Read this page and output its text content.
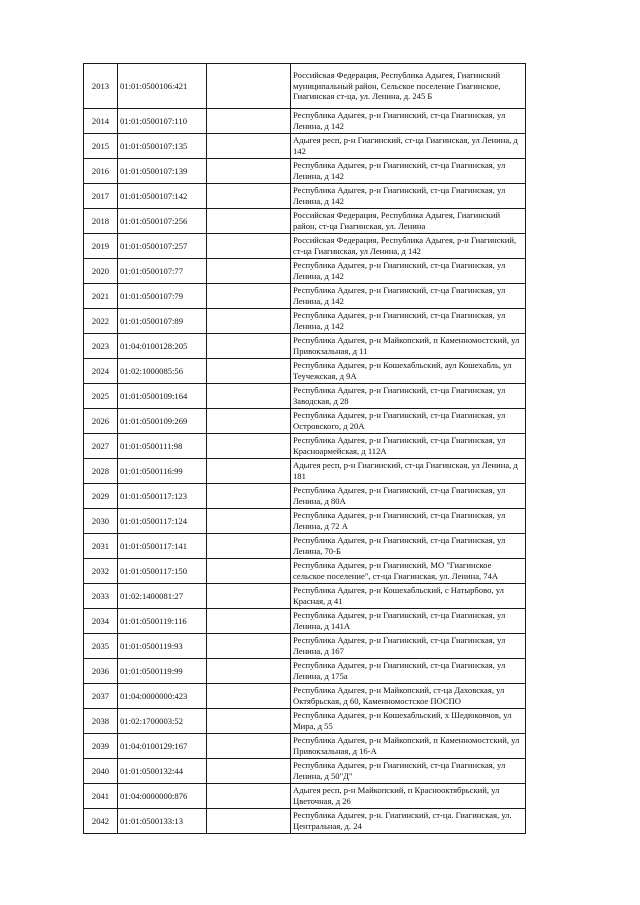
2013	01:01:0500106:421		Российская Федерация, Республика Адыгея, Гиагинский муниципальный район, Сельское поселение Гиагинское, Гиагинская ст-ца, ул. Ленина, д. 245 Б
2014	01:01:0500107:110		Республика Адыгея, р-н Гиагинский, ст-ца Гиагинская, ул Ленина, д 142
2015	01:01:0500107:135		Адыгея респ, р-н Гиагинский, ст-ца Гиагинская, ул Ленина, д 142
2016	01:01:0500107:139		Республика Адыгея, р-н Гиагинский, ст-ца Гиагинская, ул Ленина, д 142
2017	01:01:0500107:142		Республика Адыгея, р-н Гиагинский, ст-ца Гиагинская, ул Ленина, д 142
2018	01:01:0500107:256		Российская Федерация, Республика Адыгея, Гиагинский район, ст-ца Гиагинская, ул. Ленина
2019	01:01:0500107:257		Российская Федерация, Республика Адыгея, р-н Гиагинский, ст-ца Гиагинская, ул Ленина, д 142
2020	01:01:0500107:77		Республика Адыгея, р-н Гиагинский, ст-ца Гиагинская, ул Ленина, д 142
2021	01:01:0500107:79		Республика Адыгея, р-н Гиагинский, ст-ца Гиагинская, ул Ленина, д 142
2022	01:01:0500107:89		Республика Адыгея, р-н Гиагинский, ст-ца Гиагинская, ул Ленина, д 142
2023	01:04:0100128:205		Республика Адыгея, р-н Майкопский, п Каменномостский, ул Привокзальная, д 11
2024	01:02:1000085:56		Республика Адыгея, р-н Кошехабльский, аул Кошехабль, ул Теучежская, д 9А
2025	01:01:0500109:164		Республика Адыгея, р-н Гиагинский, ст-ца Гиагинская, ул Заводская, д 28
2026	01:01:0500109:269		Республика Адыгея, р-н Гиагинский, ст-ца Гиагинская, ул Островского, д 20А
2027	01:01:0500111:98		Республика Адыгея, р-н Гиагинский, ст-ца Гиагинская, ул Красноармейская, д 112А
2028	01:01:0500116:99		Адыгея респ, р-н Гиагинский, ст-ца Гиагинская, ул Ленина, д 181
2029	01:01:0500117:123		Республика Адыгея, р-н Гиагинский, ст-ца Гиагинская, ул Ленина, д 80А
2030	01:01:0500117:124		Республика Адыгея, р-н Гиагинский, ст-ца Гиагинская, ул Ленина, д 72 А
2031	01:01:0500117:141		Республика Адыгея, р-н Гиагинский, ст-ца Гиагинская, ул Ленина, 70-Б
2032	01:01:0500117:150		Республика Адыгея, р-н Гиагинский, МО "Гиагинское сельское поселение", ст-ца Гиагинская, ул. Ленина, 74А
2033	01:02:1400081:27		Республика Адыгея, р-н Кошехабльский, с Натырбово, ул Красная, д 41
2034	01:01:0500119:116		Республика Адыгея, р-н Гиагинский, ст-ца Гиагинская, ул Ленина, д 141А
2035	01:01:0500119:93		Республика Адыгея, р-н Гиагинский, ст-ца Гиагинская, ул Ленина, д 167
2036	01:01:0500119:99		Республика Адыгея, р-н Гиагинский, ст-ца Гиагинская, ул Ленина, д 175а
2037	01:04:0000000:423		Республика Адыгея, р-н Майкопский, ст-ца Даховская, ул Октябрьская, д 60, Каменномостское ПОСПО
2038	01:02:1700003:52		Республика Адыгея, р-н Кошехабльский, х Шедюковчов, ул Мира, д 55
2039	01:04:0100129:167		Республика Адыгея, р-н Майкопский, п Каменномостский, ул Привокзальная, д 16-А
2040	01:01:0500132:44		Республика Адыгея, р-н Гиагинский, ст-ца Гиагинская, ул Ленина, д 50"Д"
2041	01:04:0000000:876		Адыгея респ, р-н Майкопский, п Краснооктябрьский, ул Цветочная, д 26
2042	01:01:0500133:13		Республика Адыгея, р-н. Гиагинский, ст-ца. Гиагинская, ул. Центральная, д. 24
